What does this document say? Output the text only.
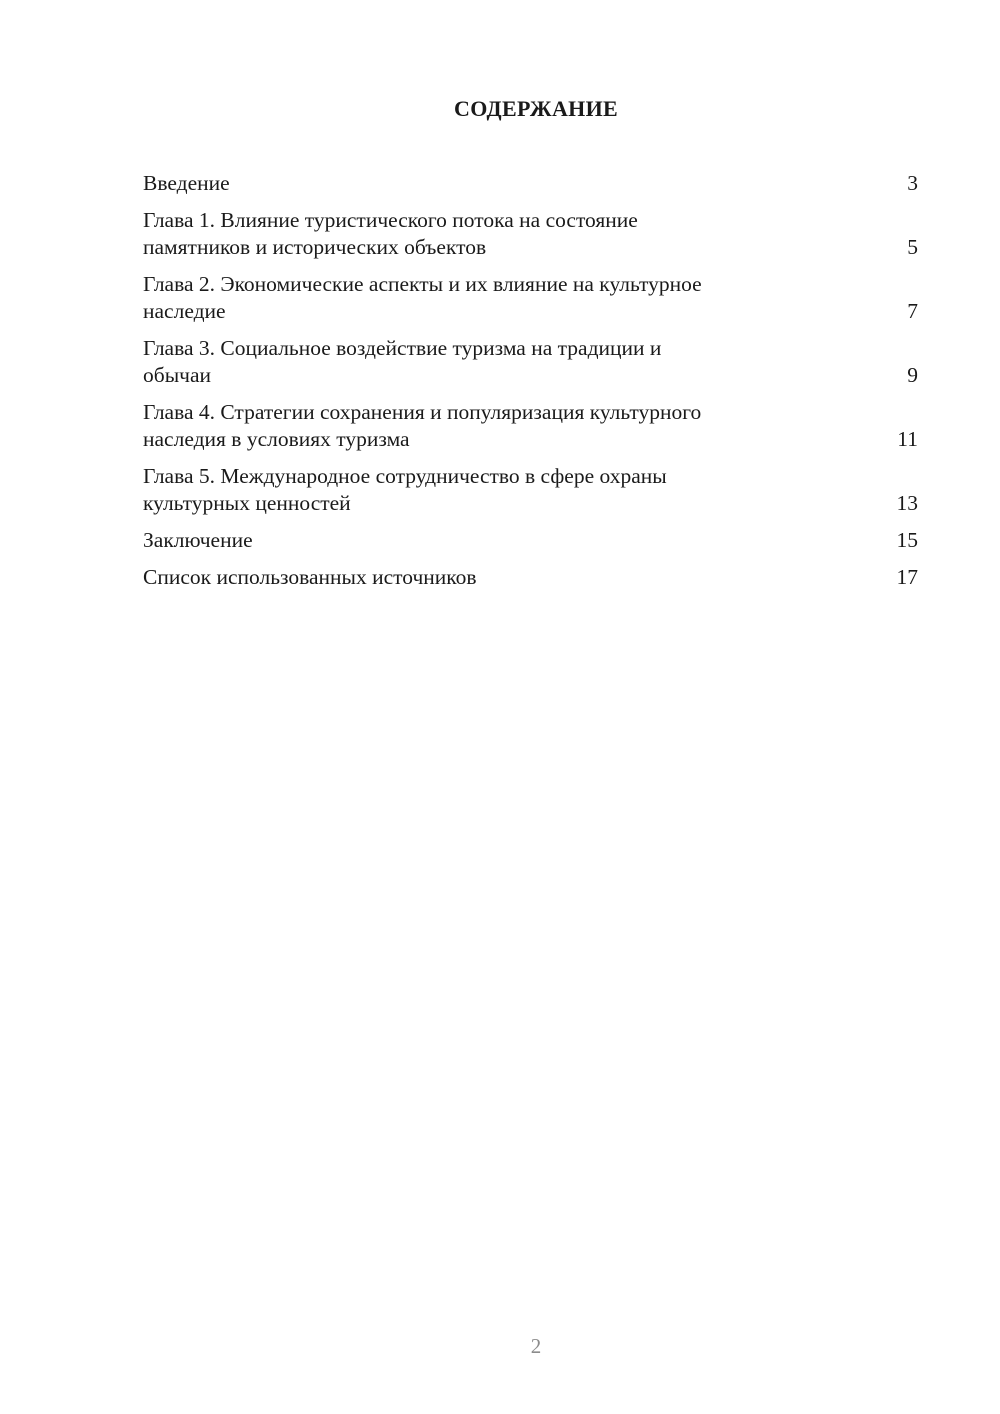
СОДЕРЖАНИЕ
Введение	3
Глава 1. Влияние туристического потока на состояние
памятников и исторических объектов	5
Глава 2. Экономические аспекты и их влияние на культурное
наследие	7
Глава 3. Социальное воздействие туризма на традиции и
обычаи	9
Глава 4. Стратегии сохранения и популяризация культурного
наследия в условиях туризма	11
Глава 5. Международное сотрудничество в сфере охраны
культурных ценностей	13
Заключение	15
Список использованных источников	17
2
